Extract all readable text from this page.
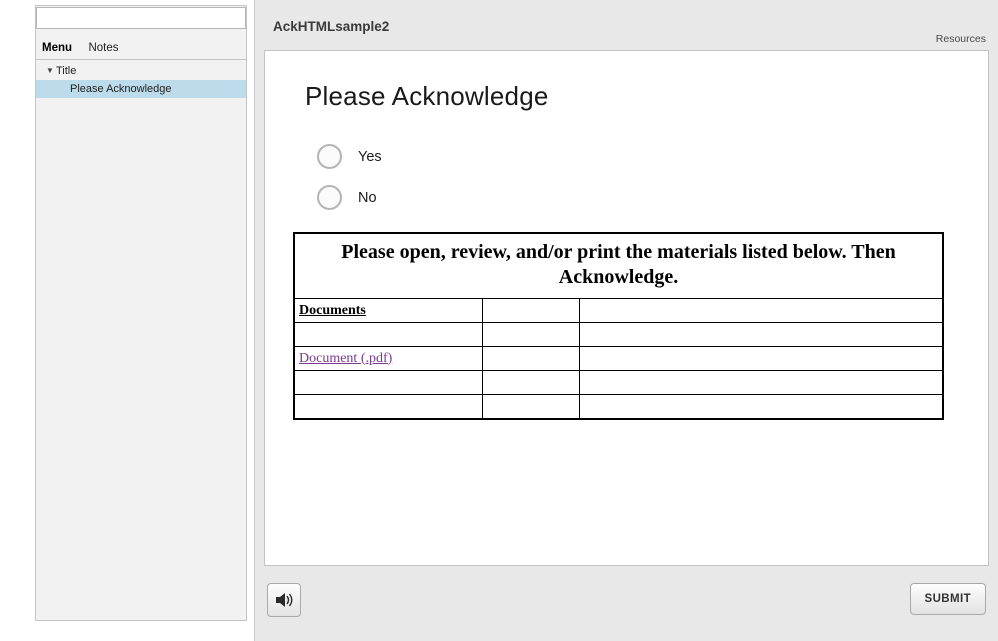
Menu Notes
▼ Title
Please Acknowledge
AckHTMLsample2
Resources
Please Acknowledge
Yes
No
Please open, review, and/or print the materials listed below. Then Acknowledge.		
Documents		

Document (.pdf)		

SUBMIT
